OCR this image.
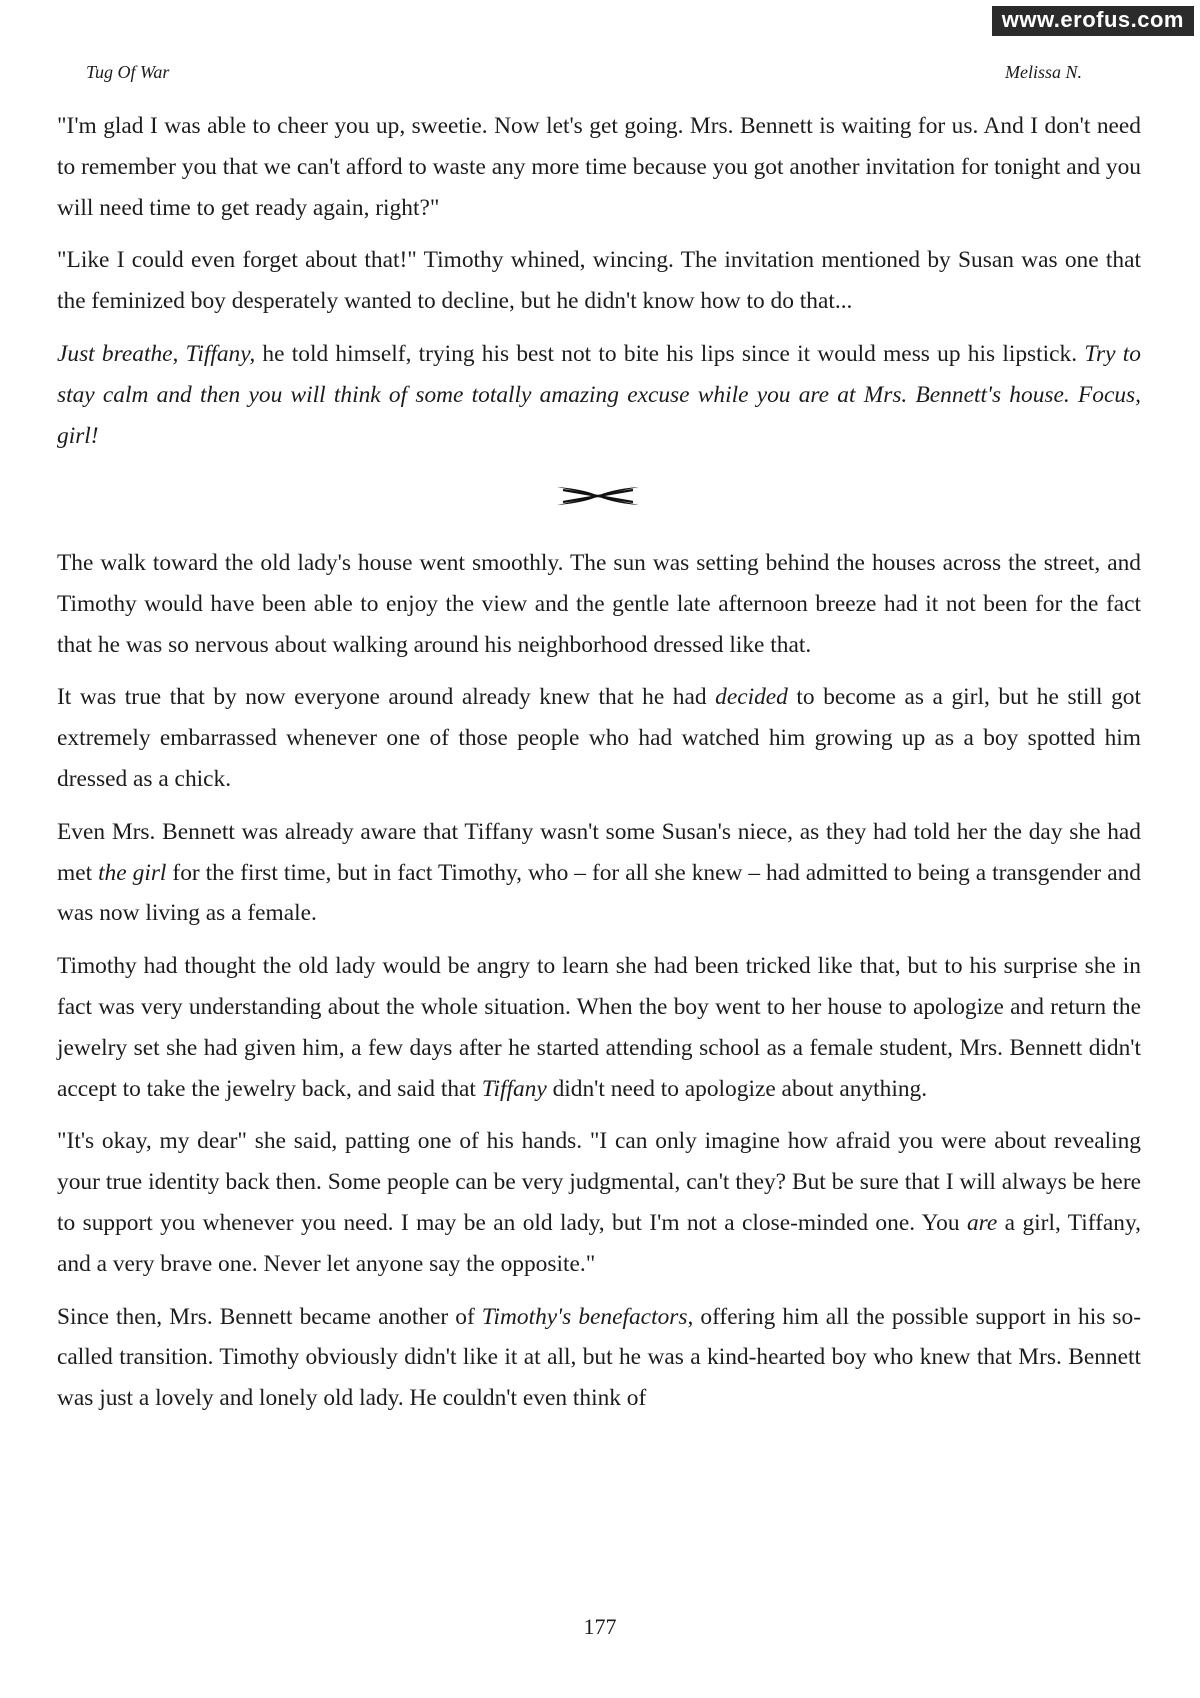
www.erofus.com
Tug Of War	Melissa N.

"I'm glad I was able to cheer you up, sweetie. Now let's get going. Mrs. Bennett is waiting for us. And I don't need to remember you that we can't afford to waste any more time because you got another invitation for tonight and you will need time to get ready again, right?"

"Like I could even forget about that!" Timothy whined, wincing. The invitation mentioned by Susan was one that the feminized boy desperately wanted to decline, but he didn't know how to do that...

Just breathe, Tiffany, he told himself, trying his best not to bite his lips since it would mess up his lipstick. Try to stay calm and then you will think of some totally amazing excuse while you are at Mrs. Bennett's house. Focus, girl!

The walk toward the old lady's house went smoothly. The sun was setting behind the houses across the street, and Timothy would have been able to enjoy the view and the gentle late afternoon breeze had it not been for the fact that he was so nervous about walking around his neighborhood dressed like that.

It was true that by now everyone around already knew that he had decided to become as a girl, but he still got extremely embarrassed whenever one of those people who had watched him growing up as a boy spotted him dressed as a chick.

Even Mrs. Bennett was already aware that Tiffany wasn't some Susan's niece, as they had told her the day she had met the girl for the first time, but in fact Timothy, who – for all she knew – had admitted to being a transgender and was now living as a female.

Timothy had thought the old lady would be angry to learn she had been tricked like that, but to his surprise she in fact was very understanding about the whole situation. When the boy went to her house to apologize and return the jewelry set she had given him, a few days after he started attending school as a female student, Mrs. Bennett didn't accept to take the jewelry back, and said that Tiffany didn't need to apologize about anything.

"It's okay, my dear" she said, patting one of his hands. "I can only imagine how afraid you were about revealing your true identity back then. Some people can be very judgmental, can't they? But be sure that I will always be here to support you whenever you need. I may be an old lady, but I'm not a close-minded one. You are a girl, Tiffany, and a very brave one. Never let anyone say the opposite."

Since then, Mrs. Bennett became another of Timothy's benefactors, offering him all the possible support in his so-called transition. Timothy obviously didn't like it at all, but he was a kind-hearted boy who knew that Mrs. Bennett was just a lovely and lonely old lady. He couldn't even think of

177
